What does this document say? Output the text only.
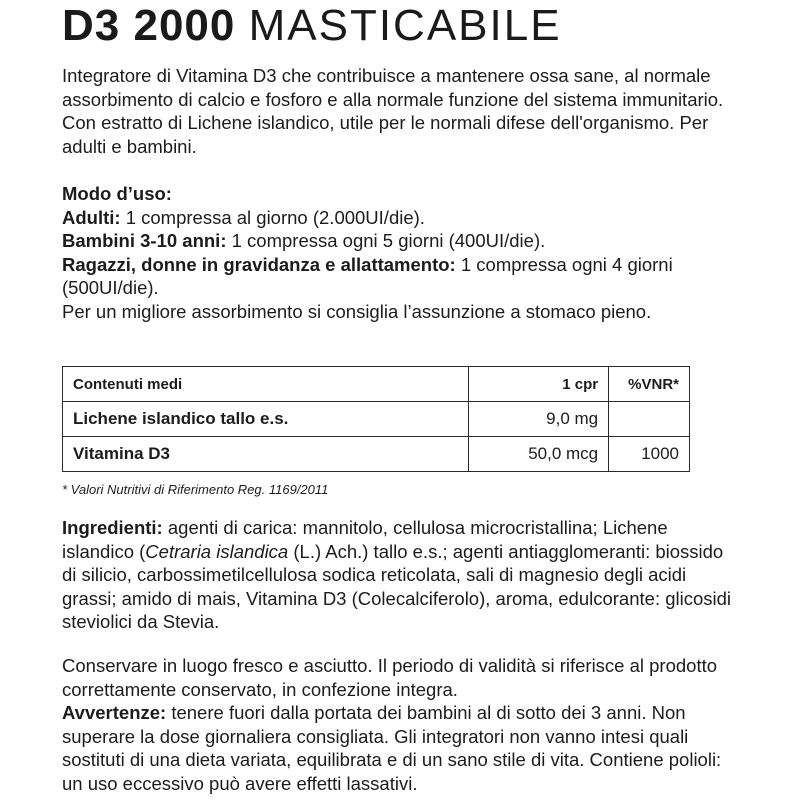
D3 2000 MASTICABILE

Integratore di Vitamina D3 che contribuisce a mantenere ossa sane, al normale assorbimento di calcio e fosforo e alla normale funzione del sistema immunitario. Con estratto di Lichene islandico, utile per le normali difese dell'organismo. Per adulti e bambini.

Modo d’uso:

Adulti: 1 compressa al giorno (2.000UI/die).

Bambini 3-10 anni: 1 compressa ogni 5 giorni (400UI/die).

Ragazzi, donne in gravidanza e allattamento: 1 compressa ogni 4 giorni (500UI/die).

Per un migliore assorbimento si consiglia l’assunzione a stomaco pieno.

Contenuti medi	1 cpr	%VNR*
Lichene islandico tallo e.s.	9,0 mg	
Vitamina D3	50,0 mcg	1000
* Valori Nutritivi di Riferimento Reg. 1169/2011

Ingredienti: agenti di carica: mannitolo, cellulosa microcristallina; Lichene islandico (Cetraria islandica (L.) Ach.) tallo e.s.; agenti antiagglomeranti: biossido di silicio, carbossimetilcellulosa sodica reticolata, sali di magnesio degli acidi grassi; amido di mais, Vitamina D3 (Colecalciferolo), aroma, edulcorante: glicosidi steviolici da Stevia.

Conservare in luogo fresco e asciutto. Il periodo di validità si riferisce al prodotto correttamente conservato, in confezione integra.

Avvertenze: tenere fuori dalla portata dei bambini al di sotto dei 3 anni. Non superare la dose giornaliera consigliata. Gli integratori non vanno intesi quali sostituti di una dieta variata, equilibrata e di un sano stile di vita. Contiene polioli: un uso eccessivo può avere effetti lassativi.
